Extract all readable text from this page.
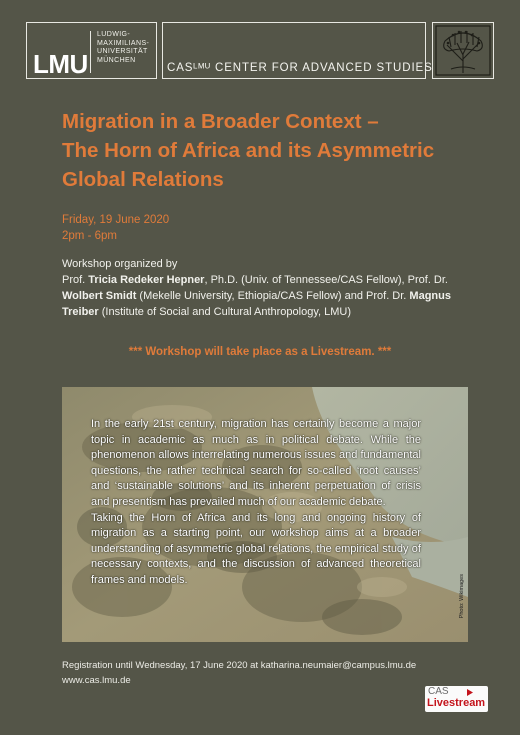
LMU
LUDWIG-
MAXIMILIANS-
UNIVERSITÄT
MÜNCHEN
CASᴸᴹᵁ CENTER FOR ADVANCED STUDIES
Migration in a Broader Context –
The Horn of Africa and its Asymmetric
Global Relations
Friday, 19 June 2020
2pm - 6pm
Workshop organized by
Prof. Tricia Redeker Hepner, Ph.D. (Univ. of Tennessee/CAS Fellow), Prof. Dr.
Wolbert Smidt (Mekelle University, Ethiopia/CAS Fellow) and Prof. Dr. Magnus
Treiber (Institute of Social and Cultural Anthropology, LMU)
*** Workshop will take place as a Livestream. ***
In the early 21st century, migration has certainly become a major topic in academic as much as in political debate. While the phenomenon allows interrelating numerous issues and fundamental questions, the rather technical search for so-called ‘root causes’ and ‘sustainable solutions’ and its inherent perpetuation of crisis and presentism has prevailed much of our academic debate.
Taking the Horn of Africa and its long and ongoing history of migration as a starting point, our workshop aims at a broader understanding of asymmetric global relations, the empirical study of necessary contexts, and the discussion of advanced theoretical frames and models.	Photo: Wikimages
Registration until Wednesday, 17 June 2020 at katharina.neumaier@campus.lmu.de
www.cas.lmu.de
CAS
Livestream
